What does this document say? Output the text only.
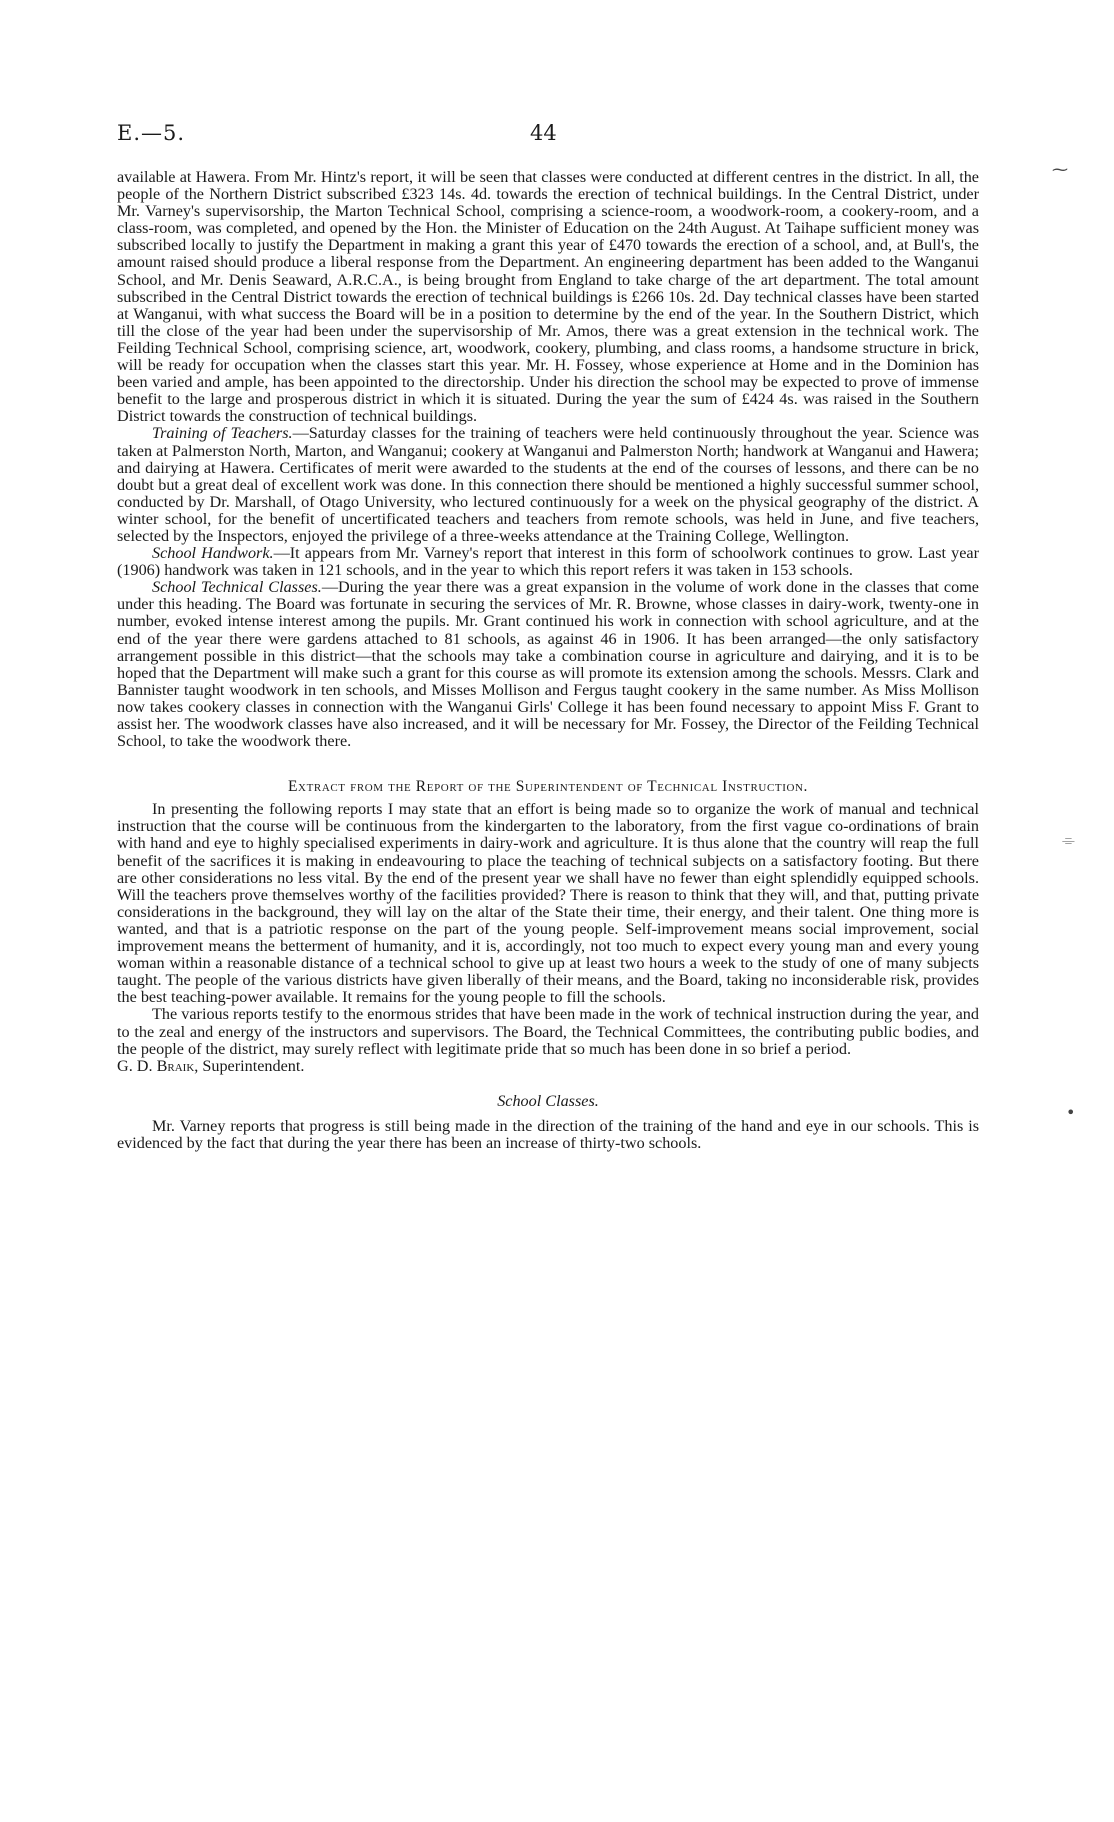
E.—5.	44

available at Hawera. From Mr. Hintz's report, it will be seen that classes were conducted at different centres in the district. In all, the people of the Northern District subscribed £323 14s. 4d. towards the erection of technical buildings. In the Central District, under Mr. Varney's supervisorship, the Marton Technical School, comprising a science-room, a woodwork-room, a cookery-room, and a class-room, was completed, and opened by the Hon. the Minister of Education on the 24th August. At Taihape sufficient money was subscribed locally to justify the Department in making a grant this year of £470 towards the erection of a school, and, at Bull's, the amount raised should produce a liberal response from the Department. An engineering department has been added to the Wanganui School, and Mr. Denis Seaward, A.R.C.A., is being brought from England to take charge of the art department. The total amount subscribed in the Central District towards the erection of technical buildings is £266 10s. 2d. Day technical classes have been started at Wanganui, with what success the Board will be in a position to determine by the end of the year. In the Southern District, which till the close of the year had been under the supervisorship of Mr. Amos, there was a great extension in the technical work. The Feilding Technical School, comprising science, art, woodwork, cookery, plumbing, and class rooms, a handsome structure in brick, will be ready for occupation when the classes start this year. Mr. H. Fossey, whose experience at Home and in the Dominion has been varied and ample, has been appointed to the directorship. Under his direction the school may be expected to prove of immense benefit to the large and prosperous district in which it is situated. During the year the sum of £424 4s. was raised in the Southern District towards the construction of technical buildings.

Training of Teachers.—Saturday classes for the training of teachers were held continuously throughout the year. Science was taken at Palmerston North, Marton, and Wanganui; cookery at Wanganui and Palmerston North; handwork at Wanganui and Hawera; and dairying at Hawera. Certificates of merit were awarded to the students at the end of the courses of lessons, and there can be no doubt but a great deal of excellent work was done. In this connection there should be mentioned a highly successful summer school, conducted by Dr. Marshall, of Otago University, who lectured continuously for a week on the physical geography of the district. A winter school, for the benefit of uncertificated teachers and teachers from remote schools, was held in June, and five teachers, selected by the Inspectors, enjoyed the privilege of a three-weeks attendance at the Training College, Wellington.

School Handwork.—It appears from Mr. Varney's report that interest in this form of schoolwork continues to grow. Last year (1906) handwork was taken in 121 schools, and in the year to which this report refers it was taken in 153 schools.

School Technical Classes.—During the year there was a great expansion in the volume of work done in the classes that come under this heading. The Board was fortunate in securing the services of Mr. R. Browne, whose classes in dairy-work, twenty-one in number, evoked intense interest among the pupils. Mr. Grant continued his work in connection with school agriculture, and at the end of the year there were gardens attached to 81 schools, as against 46 in 1906. It has been arranged—the only satisfactory arrangement possible in this district—that the schools may take a combination course in agriculture and dairying, and it is to be hoped that the Department will make such a grant for this course as will promote its extension among the schools. Messrs. Clark and Bannister taught woodwork in ten schools, and Misses Mollison and Fergus taught cookery in the same number. As Miss Mollison now takes cookery classes in connection with the Wanganui Girls' College it has been found necessary to appoint Miss F. Grant to assist her. The woodwork classes have also increased, and it will be necessary for Mr. Fossey, the Director of the Feilding Technical School, to take the woodwork there.

Extract from the Report of the Superintendent of Technical Instruction.

In presenting the following reports I may state that an effort is being made so to organize the work of manual and technical instruction that the course will be continuous from the kindergarten to the laboratory, from the first vague co-ordinations of brain with hand and eye to highly specialised experiments in dairy-work and agriculture. It is thus alone that the country will reap the full benefit of the sacrifices it is making in endeavouring to place the teaching of technical subjects on a satisfactory footing. But there are other considerations no less vital. By the end of the present year we shall have no fewer than eight splendidly equipped schools. Will the teachers prove themselves worthy of the facilities provided? There is reason to think that they will, and that, putting private considerations in the background, they will lay on the altar of the State their time, their energy, and their talent. One thing more is wanted, and that is a patriotic response on the part of the young people. Self-improvement means social improvement, social improvement means the betterment of humanity, and it is, accordingly, not too much to expect every young man and every young woman within a reasonable distance of a technical school to give up at least two hours a week to the study of one of many subjects taught. The people of the various districts have given liberally of their means, and the Board, taking no inconsiderable risk, provides the best teaching-power available. It remains for the young people to fill the schools.

The various reports testify to the enormous strides that have been made in the work of technical instruction during the year, and to the zeal and energy of the instructors and supervisors. The Board, the Technical Committees, the contributing public bodies, and the people of the district, may surely reflect with legitimate pride that so much has been done in so brief a period.

G. D. Braik, Superintendent.

School Classes.

Mr. Varney reports that progress is still being made in the direction of the training of the hand and eye in our schools. This is evidenced by the fact that during the year there has been an increase of thirty-two schools.

⁓
⌯
•
